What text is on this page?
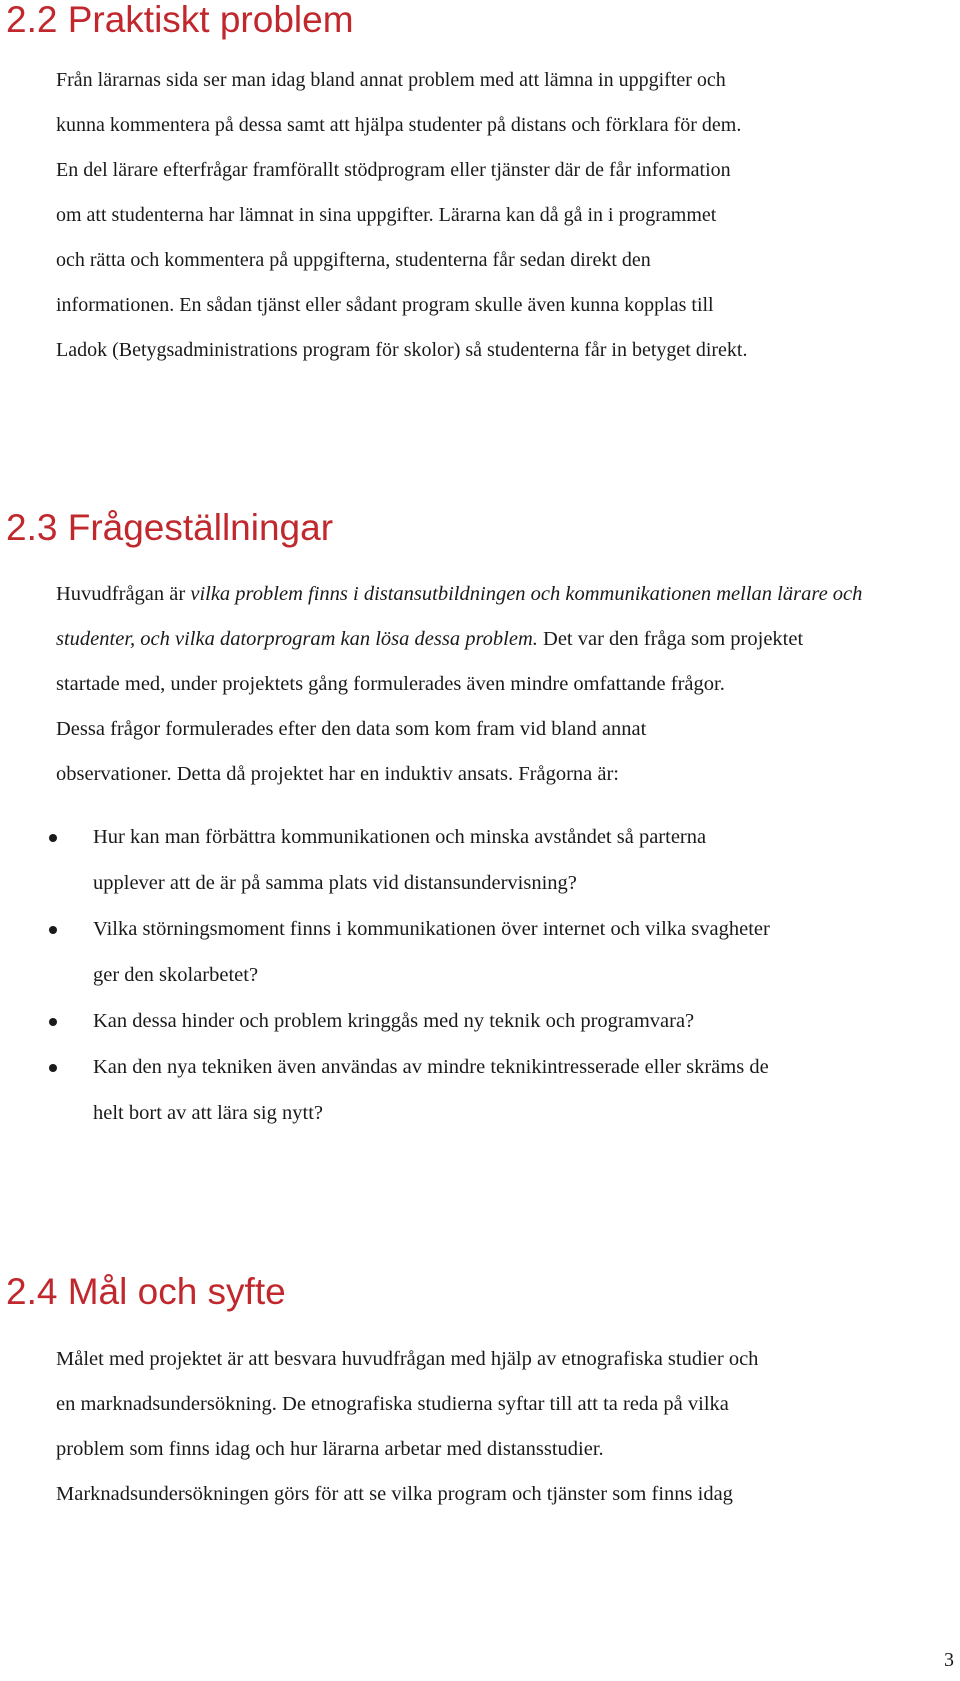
2.2 Praktiskt problem

Från lärarnas sida ser man idag bland annat problem med att lämna in uppgifter och
kunna kommentera på dessa samt att hjälpa studenter på distans och förklara för dem.
En del lärare efterfrågar framförallt stödprogram eller tjänster där de får information
om att studenterna har lämnat in sina uppgifter. Lärarna kan då gå in i programmet
och rätta och kommentera på uppgifterna, studenterna får sedan direkt den
informationen. En sådan tjänst eller sådant program skulle även kunna kopplas till
Ladok (Betygsadministrations program för skolor) så studenterna får in betyget direkt.

2.3 Frågeställningar

Huvudfrågan är vilka problem finns i distansutbildningen och kommunikationen mellan lärare och
studenter, och vilka datorprogram kan lösa dessa problem. Det var den fråga som projektet
startade med, under projektets gång formulerades även mindre omfattande frågor.
Dessa frågor formulerades efter den data som kom fram vid bland annat
observationer. Detta då projektet har en induktiv ansats. Frågorna är:

Hur kan man förbättra kommunikationen och minska avståndet så parterna
upplever att de är på samma plats vid distansundervisning?
Vilka störningsmoment finns i kommunikationen över internet och vilka svagheter
ger den skolarbetet?
Kan dessa hinder och problem kringgås med ny teknik och programvara?
Kan den nya tekniken även användas av mindre teknikintresserade eller skräms de
helt bort av att lära sig nytt?
2.4 Mål och syfte

Målet med projektet är att besvara huvudfrågan med hjälp av etnografiska studier och
en marknadsundersökning. De etnografiska studierna syftar till att ta reda på vilka
problem som finns idag och hur lärarna arbetar med distansstudier.
Marknadsundersökningen görs för att se vilka program och tjänster som finns idag

3
